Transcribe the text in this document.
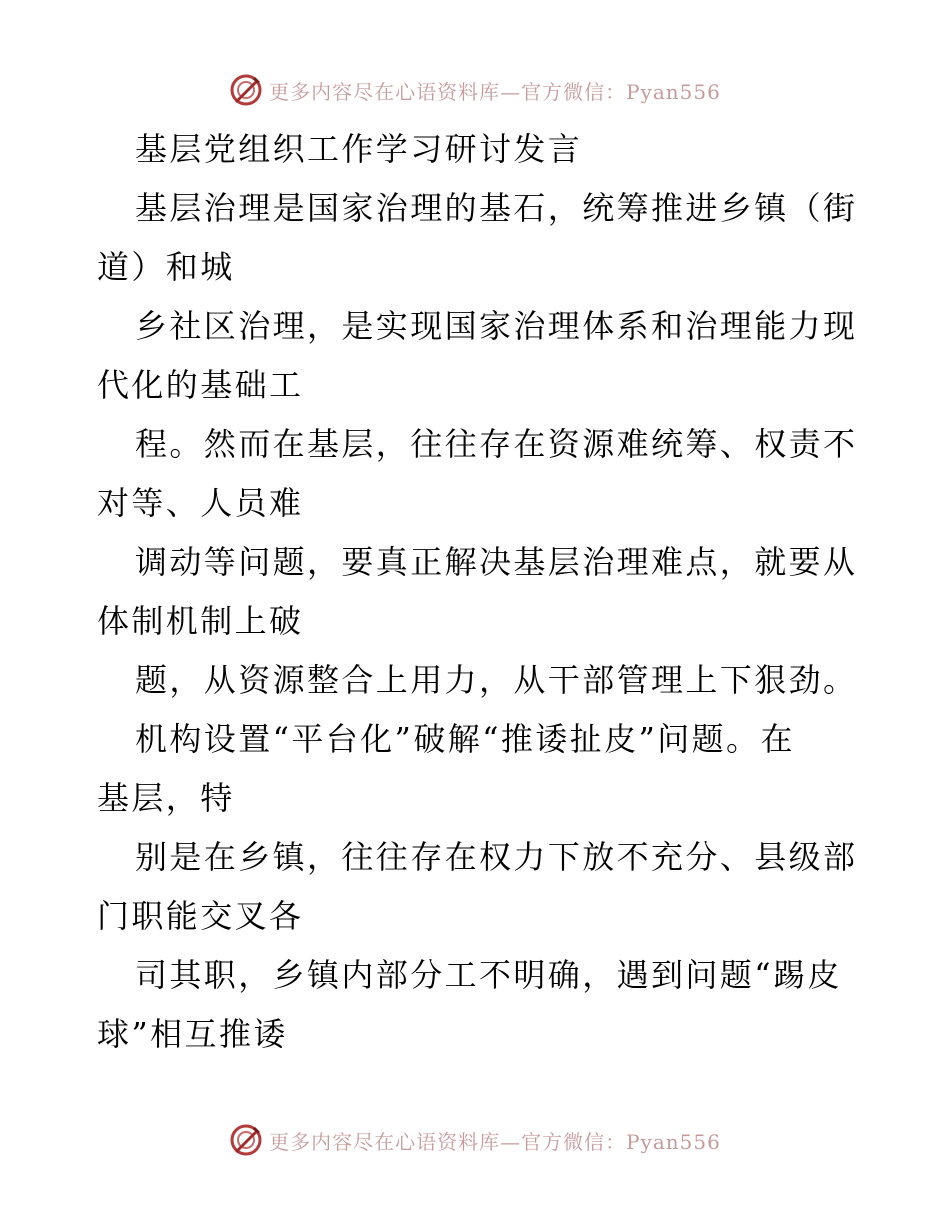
更多内容尽在心语资料库—官方微信：Pyan556

基层党组织工作学习研讨发言

基层治理是国家治理的基石，统筹推进乡镇（街

道）和城

乡社区治理，是实现国家治理体系和治理能力现

代化的基础工

程。然而在基层，往往存在资源难统筹、权责不

对等、人员难

调动等问题，要真正解决基层治理难点，就要从

体制机制上破

题，从资源整合上用力，从干部管理上下狠劲。

机构设置“平台化”破解“推诿扯皮”问题。在

基层，特

别是在乡镇，往往存在权力下放不充分、县级部

门职能交叉各

司其职，乡镇内部分工不明确，遇到问题“踢皮

球”相互推诿

更多内容尽在心语资料库—官方微信：Pyan556
